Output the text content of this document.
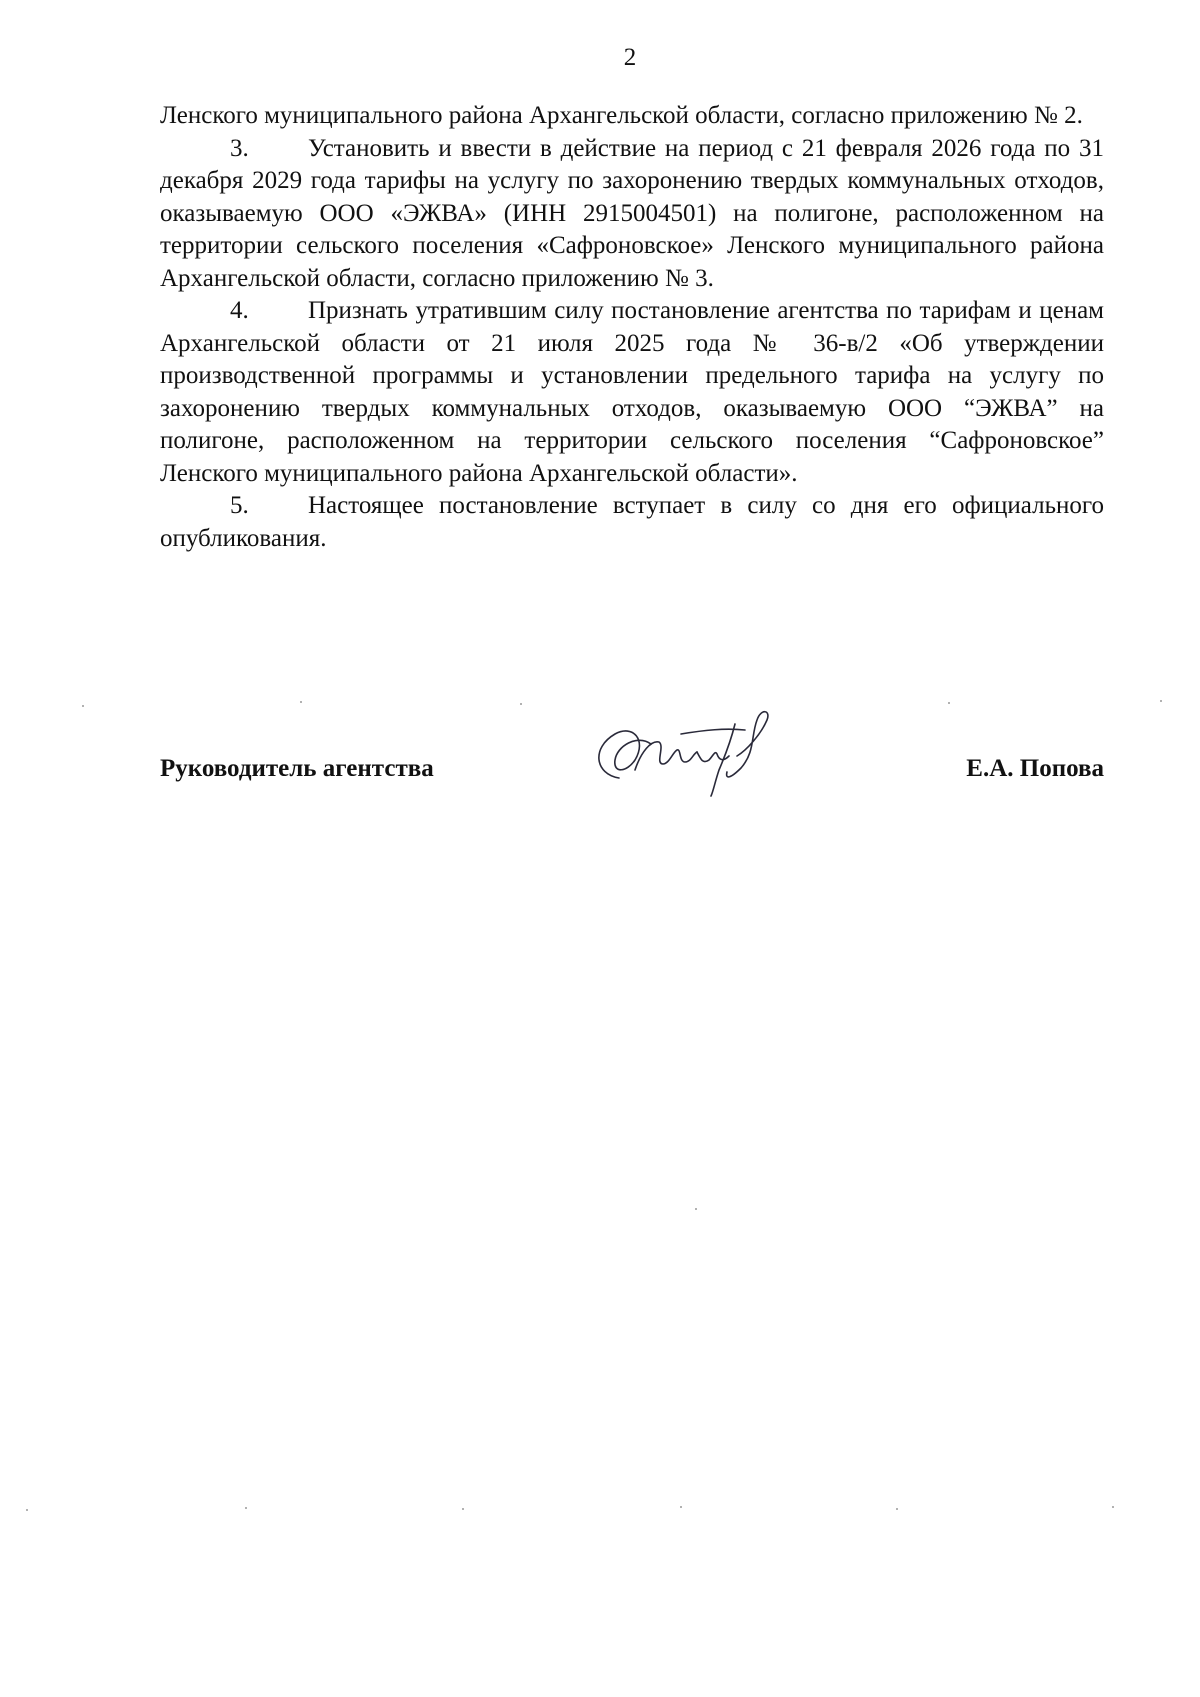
2

Ленского муниципального района Архангельской области, согласно приложению № 2.

3. Установить и ввести в действие на период с 21 февраля 2026 года по 31 декабря 2029 года тарифы на услугу по захоронению твердых коммунальных отходов, оказываемую ООО «ЭЖВА» (ИНН 2915004501) на полигоне, расположенном на территории сельского поселения «Сафроновское» Ленского муниципального района Архангельской области, согласно приложению № 3.

4. Признать утратившим силу постановление агентства по тарифам и ценам Архангельской области от 21 июля 2025 года № 36-в/2 «Об утверждении производственной программы и установлении предельного тарифа на услугу по захоронению твердых коммунальных отходов, оказываемую ООО “ЭЖВА” на полигоне, расположенном на территории сельского поселения “Сафроновское” Ленского муниципального района Архангельской области».

5. Настоящее постановление вступает в силу со дня его официального опубликования.

Руководитель агентства	Е.А. Попова
